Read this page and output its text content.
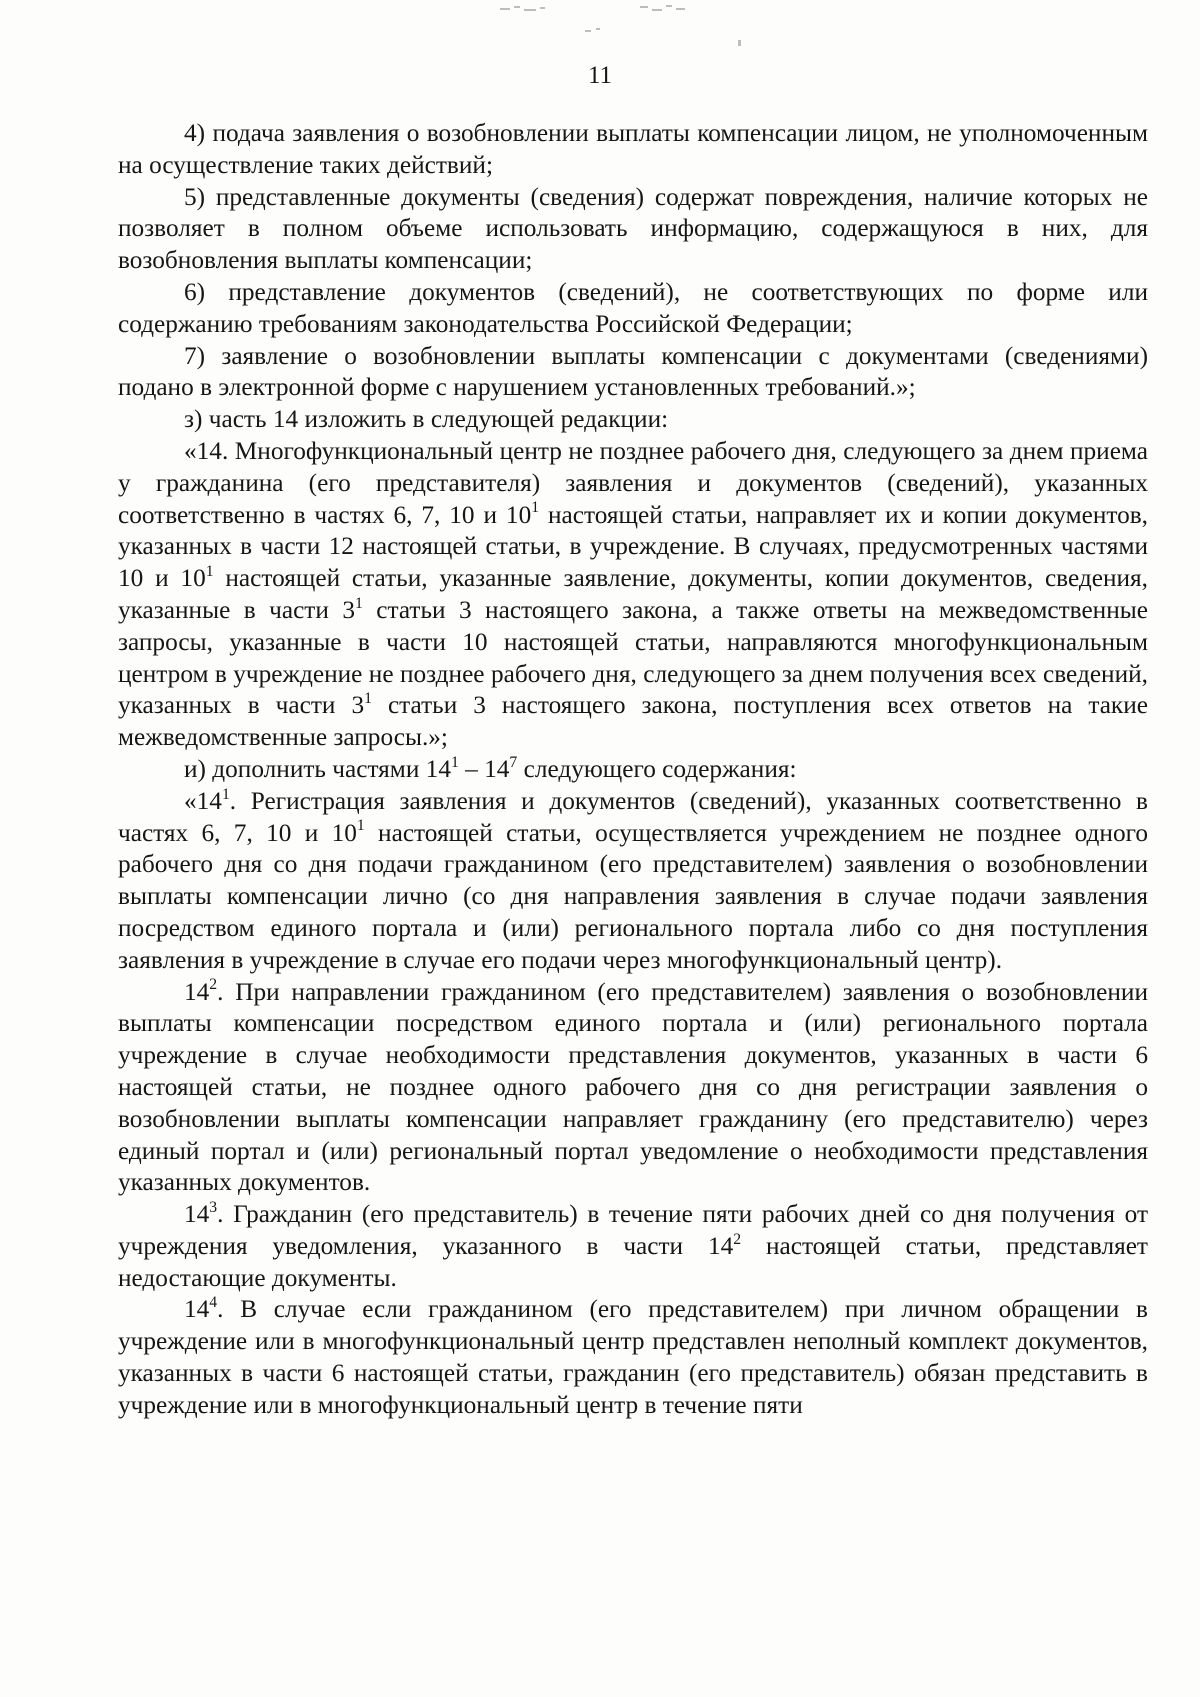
11

4) подача заявления о возобновлении выплаты компенсации лицом, не уполномоченным на осуществление таких действий;

5) представленные документы (сведения) содержат повреждения, наличие которых не позволяет в полном объеме использовать информацию, содержащуюся в них, для возобновления выплаты компенсации;

6) представление документов (сведений), не соответствующих по форме или содержанию требованиям законодательства Российской Федерации;

7) заявление о возобновлении выплаты компенсации с документами (сведениями) подано в электронной форме с нарушением установленных требований.»;

з) часть 14 изложить в следующей редакции:

«14. Многофункциональный центр не позднее рабочего дня, следующего за днем приема у гражданина (его представителя) заявления и документов (сведений), указанных соответственно в частях 6, 7, 10 и $10^1$ настоящей статьи, направляет их и копии документов, указанных в части 12 настоящей статьи, в учреждение. В случаях, предусмотренных частями 10 и $10^1$ настоящей статьи, указанные заявление, документы, копии документов, сведения, указанные в части $3^1$ статьи 3 настоящего закона, а также ответы на межведомственные запросы, указанные в части 10 настоящей статьи, направляются многофункциональным центром в учреждение не позднее рабочего дня, следующего за днем получения всех сведений, указанных в части $3^1$ статьи 3 настоящего закона, поступления всех ответов на такие межведомственные запросы.»;

и) дополнить частями $14^1 - 14^7$ следующего содержания:

«$14^1$. Регистрация заявления и документов (сведений), указанных соответственно в частях 6, 7, 10 и $10^1$ настоящей статьи, осуществляется учреждением не позднее одного рабочего дня со дня подачи гражданином (его представителем) заявления о возобновлении выплаты компенсации лично (со дня направления заявления в случае подачи заявления посредством единого портала и (или) регионального портала либо со дня поступления заявления в учреждение в случае его подачи через многофункциональный центр).

$14^2$. При направлении гражданином (его представителем) заявления о возобновлении выплаты компенсации посредством единого портала и (или) регионального портала учреждение в случае необходимости представления документов, указанных в части 6 настоящей статьи, не позднее одного рабочего дня со дня регистрации заявления о возобновлении выплаты компенсации направляет гражданину (его представителю) через единый портал и (или) региональный портал уведомление о необходимости представления указанных документов.

$14^3$. Гражданин (его представитель) в течение пяти рабочих дней со дня получения от учреждения уведомления, указанного в части $14^2$ настоящей статьи, представляет недостающие документы.

$14^4$. В случае если гражданином (его представителем) при личном обращении в учреждение или в многофункциональный центр представлен неполный комплект документов, указанных в части 6 настоящей статьи, гражданин (его представитель) обязан представить в учреждение или в многофункциональный центр в течение пяти
